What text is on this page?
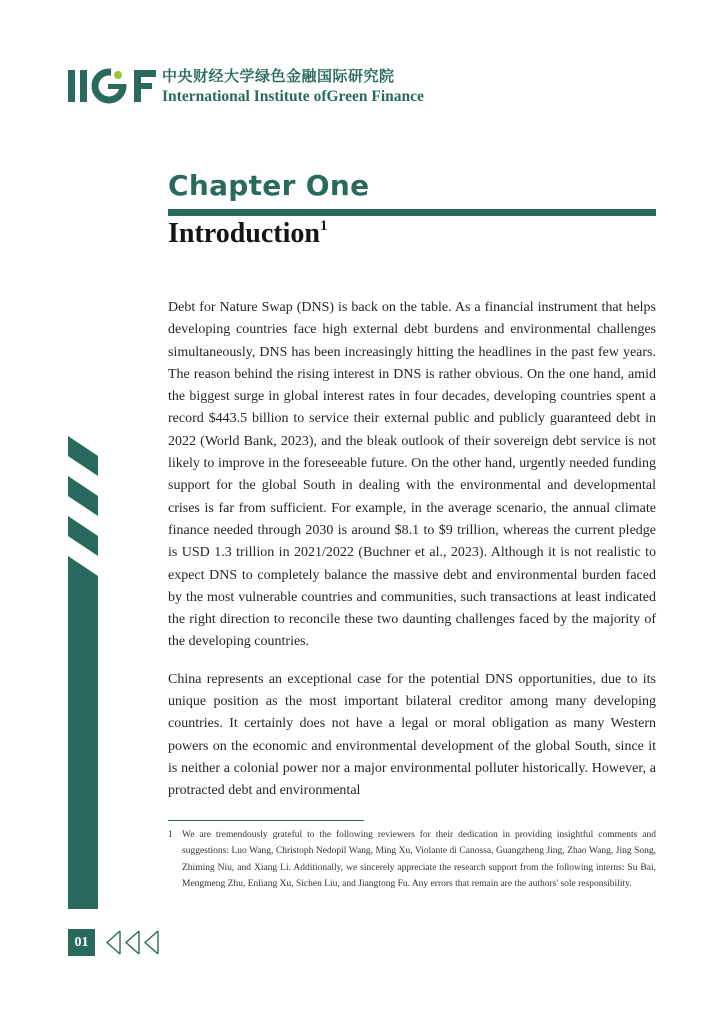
中央财经大学绿色金融国际研究院
International Institute ofGreen Finance
Chapter One
Introduction$^1$

Debt for Nature Swap (DNS) is back on the table. As a financial instrument that helps developing countries face high external debt burdens and environmental challenges simultaneously, DNS has been increasingly hitting the headlines in the past few years. The reason behind the rising interest in DNS is rather obvious. On the one hand, amid the biggest surge in global interest rates in four decades, developing countries spent a record $443.5 billion to service their external public and publicly guaranteed debt in 2022 (World Bank, 2023), and the bleak outlook of their sovereign debt service is not likely to improve in the foreseeable future. On the other hand, urgently needed funding support for the global South in dealing with the environmental and developmental crises is far from sufficient. For example, in the average scenario, the annual climate finance needed through 2030 is around $8.1 to $9 trillion, whereas the current pledge is USD 1.3 trillion in 2021/2022 (Buchner et al., 2023). Although it is not realistic to expect DNS to completely balance the massive debt and environmental burden faced by the most vulnerable countries and communities, such transactions at least indicated the right direction to reconcile these two daunting challenges faced by the majority of the developing countries.

China represents an exceptional case for the potential DNS opportunities, due to its unique position as the most important bilateral creditor among many developing countries. It certainly does not have a legal or moral obligation as many Western powers on the economic and environmental development of the global South, since it is neither a colonial power nor a major environmental polluter historically. However, a protracted debt and environmental

1 We are tremendously grateful to the following reviewers for their dedication in providing insightful comments and suggestions: Luo Wang, Christoph Nedopil Wang, Ming Xu, Violante di Canossa, Guangzheng Jing, Zhao Wang, Jing Song, Zhiming Niu, and Xiang Li. Additionally, we sincerely appreciate the research support from the following interns: Su Bai, Mengmeng Zhu, Enliang Xu, Sichen Liu, and Jiangtong Fu. Any errors that remain are the authors' sole responsibility.
01
